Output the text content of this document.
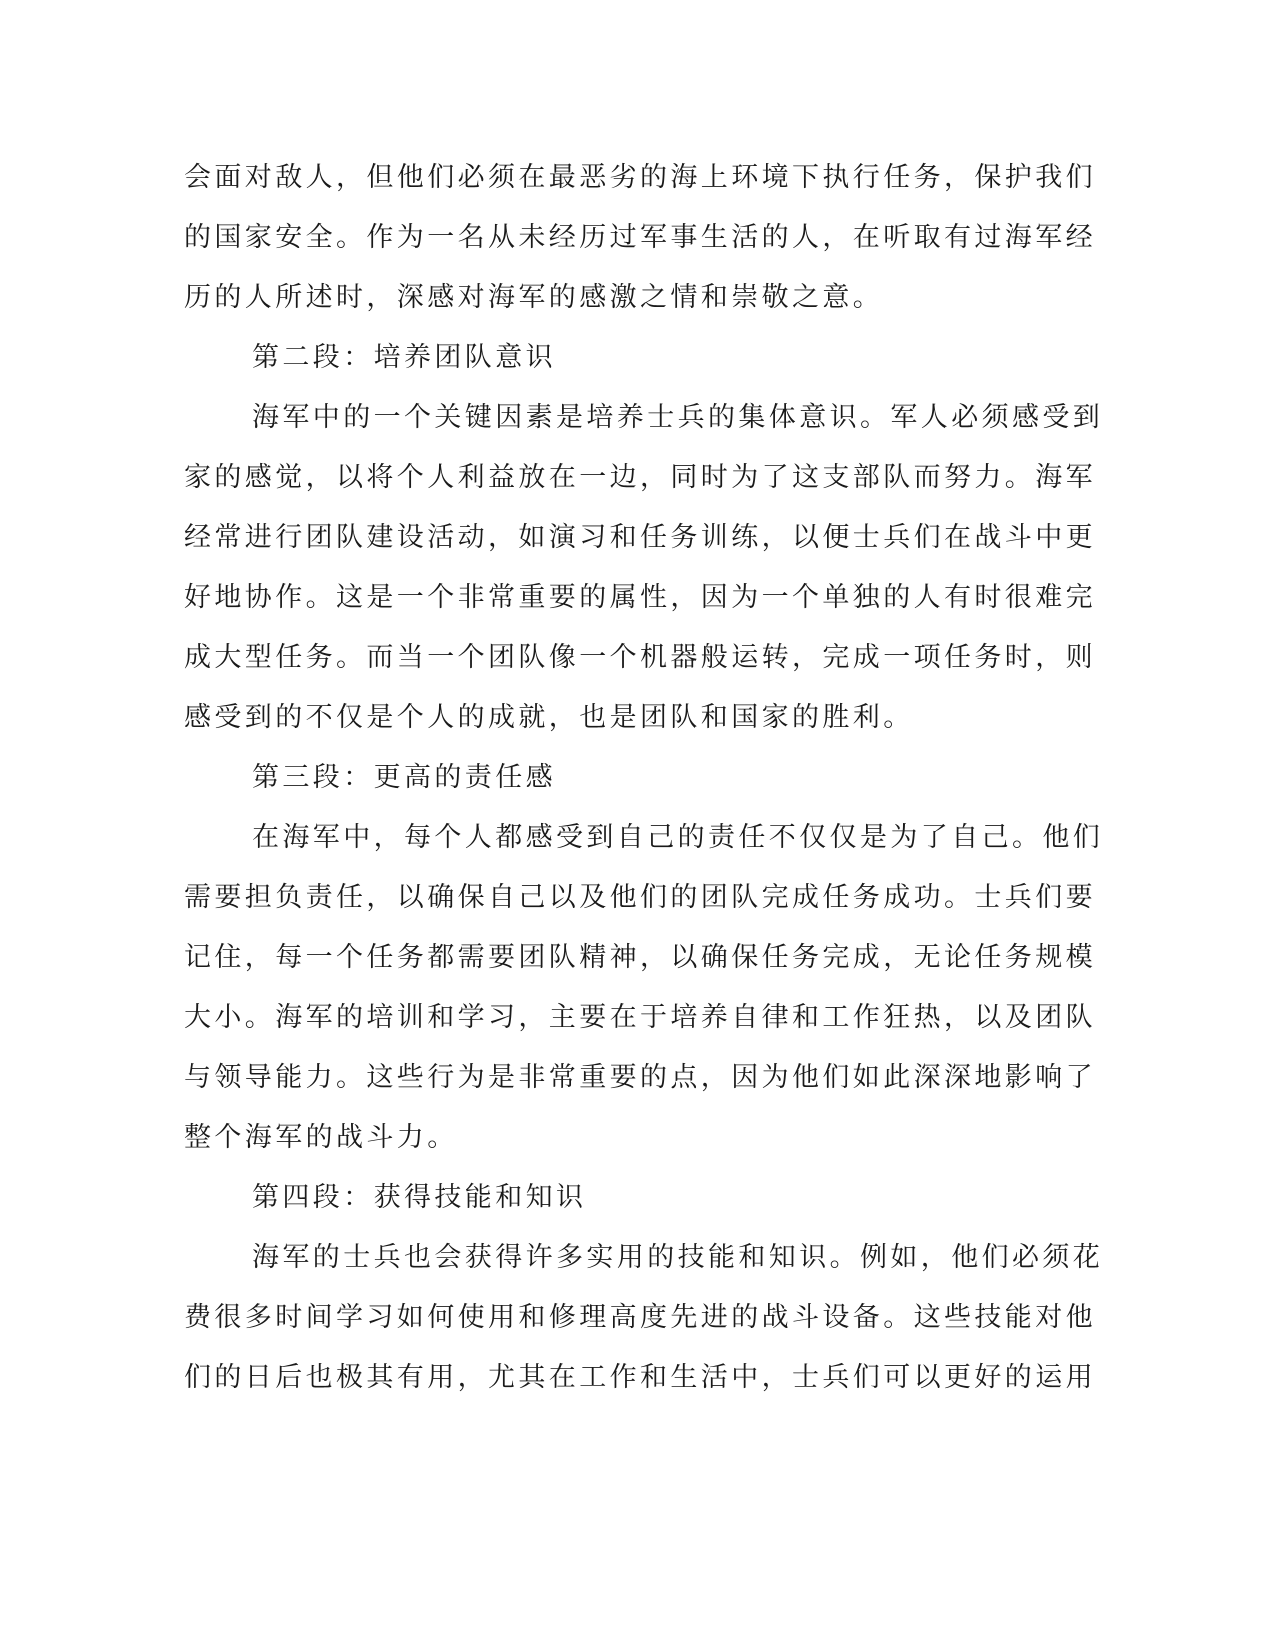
会面对敌人，但他们必须在最恶劣的海上环境下执行任务，保护我们
的国家安全。作为一名从未经历过军事生活的人，在听取有过海军经
历的人所述时，深感对海军的感激之情和崇敬之意。
第二段：培养团队意识
海军中的一个关键因素是培养士兵的集体意识。军人必须感受到
家的感觉，以将个人利益放在一边，同时为了这支部队而努力。海军
经常进行团队建设活动，如演习和任务训练，以便士兵们在战斗中更
好地协作。这是一个非常重要的属性，因为一个单独的人有时很难完
成大型任务。而当一个团队像一个机器般运转，完成一项任务时，则
感受到的不仅是个人的成就，也是团队和国家的胜利。
第三段：更高的责任感
在海军中，每个人都感受到自己的责任不仅仅是为了自己。他们
需要担负责任，以确保自己以及他们的团队完成任务成功。士兵们要
记住，每一个任务都需要团队精神，以确保任务完成，无论任务规模
大小。海军的培训和学习，主要在于培养自律和工作狂热，以及团队
与领导能力。这些行为是非常重要的点，因为他们如此深深地影响了
整个海军的战斗力。
第四段：获得技能和知识
海军的士兵也会获得许多实用的技能和知识。例如，他们必须花
费很多时间学习如何使用和修理高度先进的战斗设备。这些技能对他
们的日后也极其有用，尤其在工作和生活中，士兵们可以更好的运用
